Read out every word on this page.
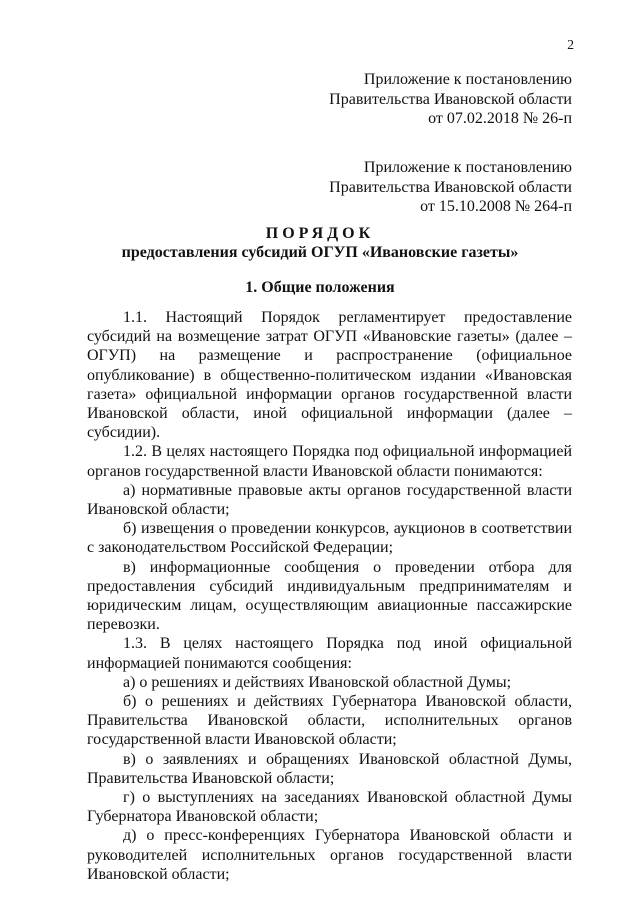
2
Приложение к постановлению
Правительства Ивановской области
от 07.02.2018 № 26-п
Приложение к постановлению
Правительства Ивановской области
от 15.10.2008 № 264-п
ПОРЯДОК
предоставления субсидий ОГУП «Ивановские газеты»
1. Общие положения

1.1. Настоящий Порядок регламентирует предоставление субсидий на возмещение затрат ОГУП «Ивановские газеты» (далее – ОГУП) на размещение и распространение (официальное опубликование) в общественно-политическом издании «Ивановская газета» официальной информации органов государственной власти Ивановской области, иной официальной информации (далее – субсидии).

1.2. В целях настоящего Порядка под официальной информацией органов государственной власти Ивановской области понимаются:

а) нормативные правовые акты органов государственной власти Ивановской области;

б) извещения о проведении конкурсов, аукционов в соответствии с законодательством Российской Федерации;

в) информационные сообщения о проведении отбора для предоставления субсидий индивидуальным предпринимателям и юридическим лицам, осуществляющим авиационные пассажирские перевозки.

1.3. В целях настоящего Порядка под иной официальной информацией понимаются сообщения:

а) о решениях и действиях Ивановской областной Думы;

б) о решениях и действиях Губернатора Ивановской области, Правительства Ивановской области, исполнительных органов государственной власти Ивановской области;

в) о заявлениях и обращениях Ивановской областной Думы, Правительства Ивановской области;

г) о выступлениях на заседаниях Ивановской областной Думы Губернатора Ивановской области;

д) о пресс-конференциях Губернатора Ивановской области и руководителей исполнительных органов государственной власти Ивановской области;
